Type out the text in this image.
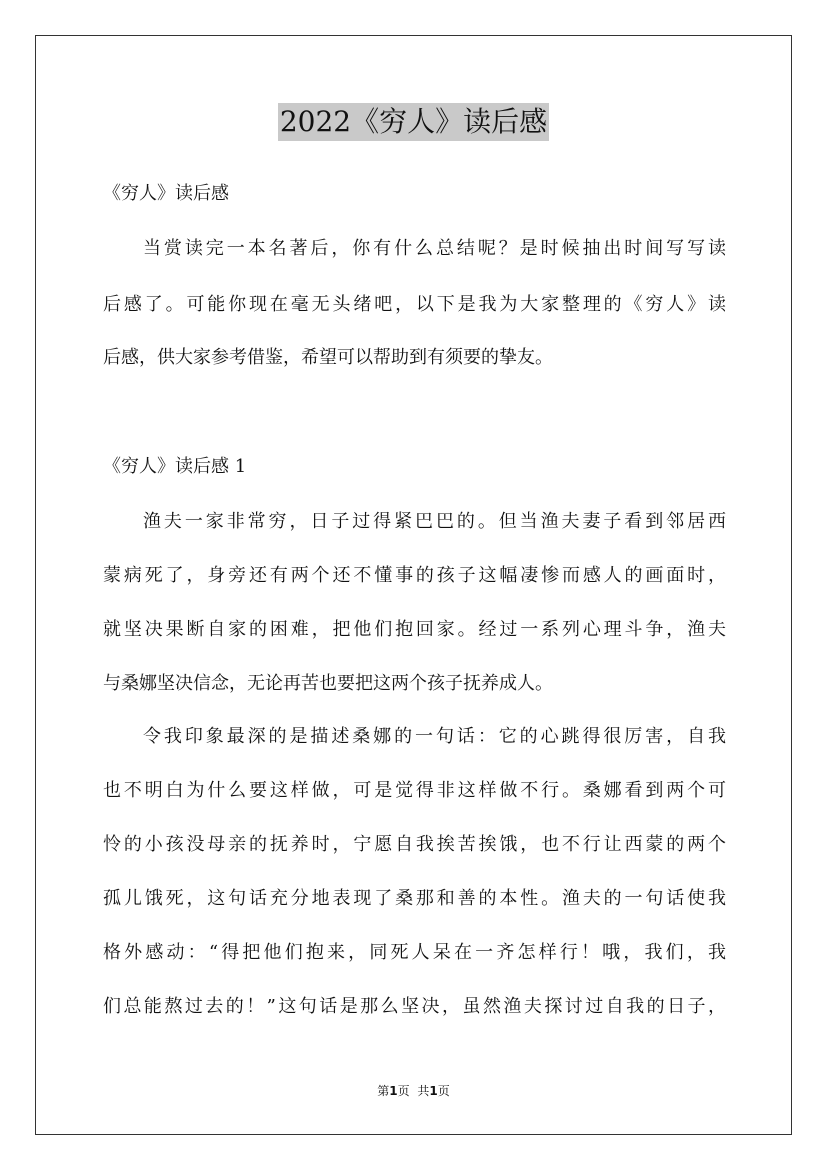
2022《穷人》读后感
《穷人》读后感
当赏读完一本名著后，你有什么总结呢？是时候抽出时间写写读
后感了。可能你现在毫无头绪吧，以下是我为大家整理的《穷人》读
后感，供大家参考借鉴，希望可以帮助到有须要的挚友。
《穷人》读后感 1
渔夫一家非常穷，日子过得紧巴巴的。但当渔夫妻子看到邻居西
蒙病死了，身旁还有两个还不懂事的孩子这幅凄惨而感人的画面时，
就坚决果断自家的困难，把他们抱回家。经过一系列心理斗争，渔夫
与桑娜坚决信念，无论再苦也要把这两个孩子抚养成人。
令我印象最深的是描述桑娜的一句话：它的心跳得很厉害，自我
也不明白为什么要这样做，可是觉得非这样做不行。桑娜看到两个可
怜的小孩没母亲的抚养时，宁愿自我挨苦挨饿，也不行让西蒙的两个
孤儿饿死，这句话充分地表现了桑那和善的本性。渔夫的一句话使我
格外感动：“得把他们抱来，同死人呆在一齐怎样行！哦，我们，我
们总能熬过去的！”这句话是那么坚决，虽然渔夫探讨过自我的日子，
第1页 共1页
